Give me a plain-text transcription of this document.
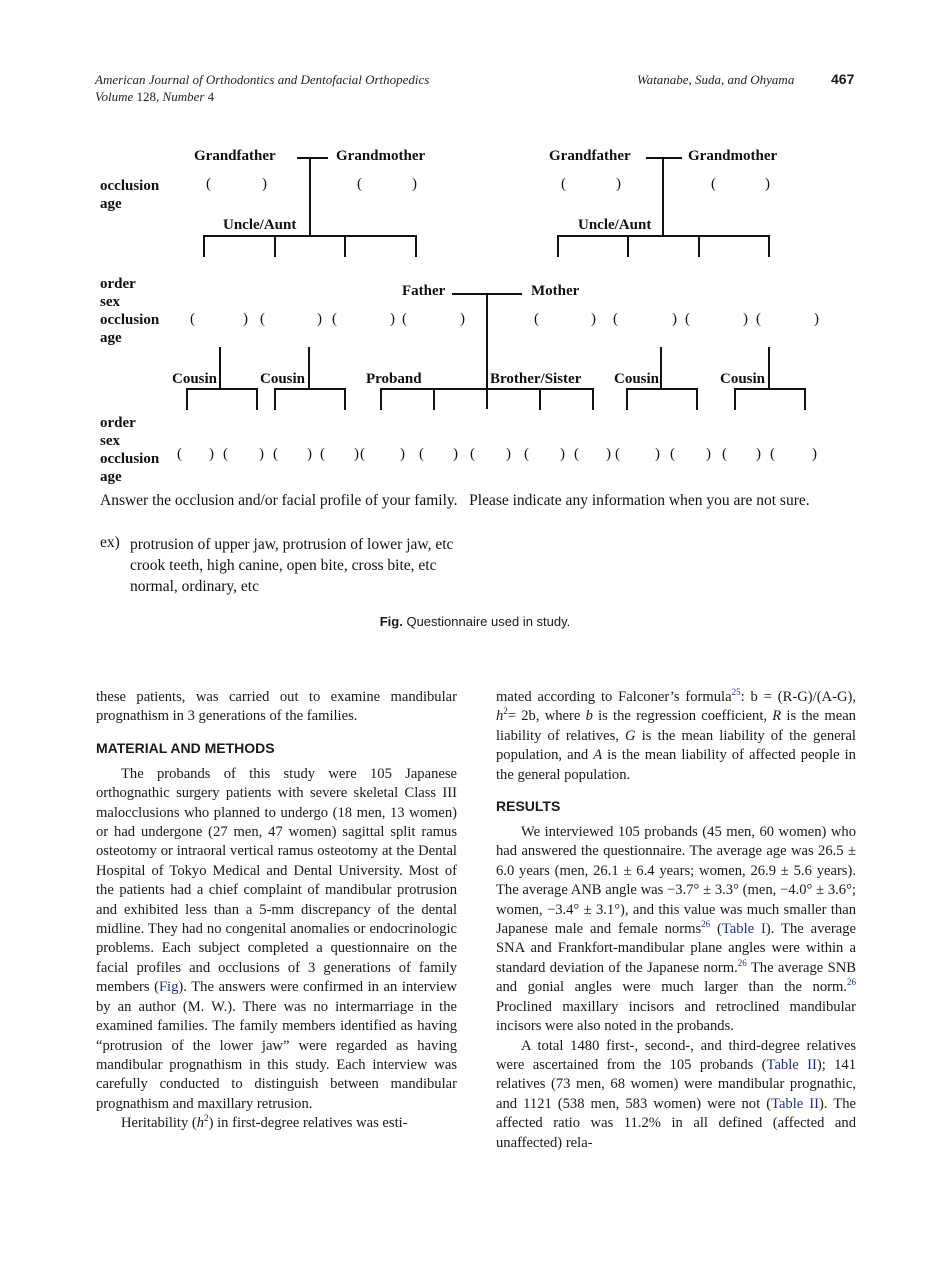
American Journal of Orthodontics and Dentofacial Orthopedics
Volume 128, Number 4
Watanabe, Suda, and Ohyama	467
Grandfather	Grandmother	Grandfather	Grandmother
occlusion
age
(	)	(	)	(	)	(	)
Uncle/Aunt	Uncle/Aunt
order
sex
occlusion
age
Father	Mother
(	) (	) (	) (	)	(	) (	) (	) (	)
Cousin	Cousin	Proband	Brother/Sister Cousin	Cousin
order
sex
occlusion
age
( ) ( ) ( ) ( ) ( ) ( ) ( ) ( ) ( ) ( ) ( ) ( ) ( )
Answer the occlusion and/or facial profile of your family. Please indicate any information when you are not sure.
ex) protrusion of upper jaw, protrusion of lower jaw, etc
crook teeth, high canine, open bite, cross bite, etc
normal, ordinary, etc
Fig. Questionnaire used in study.

these patients, was carried out to examine mandibular prognathism in 3 generations of the families.

MATERIAL AND METHODS

The probands of this study were 105 Japanese orthognathic surgery patients with severe skeletal Class III malocclusions who planned to undergo (18 men, 13 women) or had undergone (27 men, 47 women) sagittal split ramus osteotomy or intraoral vertical ramus osteotomy at the Dental Hospital of Tokyo Medical and Dental University. Most of the patients had a chief complaint of mandibular protrusion and exhibited less than a 5-mm discrepancy of the dental midline. They had no congenital anomalies or endocrinologic problems. Each subject completed a questionnaire on the facial profiles and occlusions of 3 generations of family members (Fig). The answers were confirmed in an interview by an author (M. W.). There was no intermarriage in the examined families. The family members identified as having “protrusion of the lower jaw” were regarded as having mandibular prognathism in this study. Each interview was carefully conducted to distinguish between mandibular prognathism and maxillary retrusion.

Heritability $(h^2)$ in first-degree relatives was esti-

mated according to Falconer’s formula$^{25}$: b = (R-G)/(A-G), $h^2= 2b$, where b is the regression coefficient, R is the mean liability of relatives, G is the mean liability of the general population, and A is the mean liability of affected people in the general population.

RESULTS

We interviewed 105 probands (45 men, 60 women) who had answered the questionnaire. The average age was 26.5 ± 6.0 years (men, 26.1 ± 6.4 years; women, 26.9 ± 5.6 years). The average ANB angle was −3.7° ± 3.3° (men, −4.0° ± 3.6°; women, −3.4° ± 3.1°), and this value was much smaller than Japanese male and female norms$^{26}$ (Table I). The average SNA and Frankfort-mandibular plane angles were within a standard deviation of the Japanese norm.$^{26}$ The average SNB and gonial angles were much larger than the norm.$^{26}$ Proclined maxillary incisors and retroclined mandibular incisors were also noted in the probands.

A total 1480 first-, second-, and third-degree relatives were ascertained from the 105 probands (Table II); 141 relatives (73 men, 68 women) were mandibular prognathic, and 1121 (538 men, 583 women) were not (Table II). The affected ratio was 11.2% in all defined (affected and unaffected) rela-
